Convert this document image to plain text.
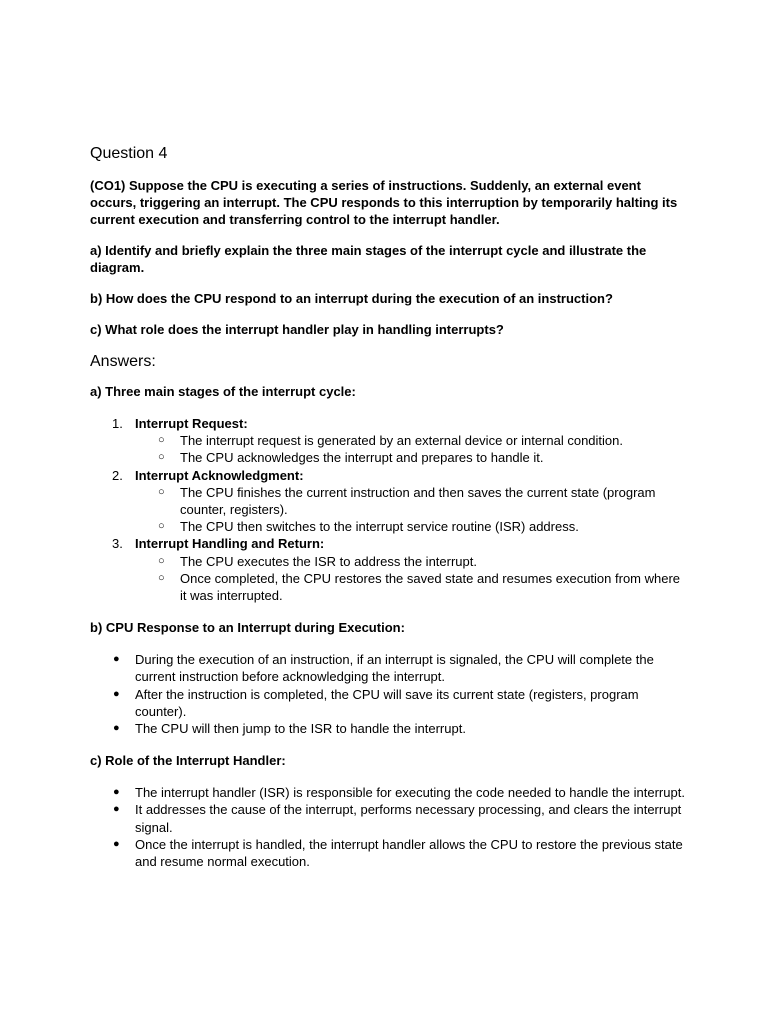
Question 4

(CO1) Suppose the CPU is executing a series of instructions. Suddenly, an external event occurs, triggering an interrupt. The CPU responds to this interruption by temporarily halting its current execution and transferring control to the interrupt handler.

a) Identify and briefly explain the three main stages of the interrupt cycle and illustrate the diagram.

b) How does the CPU respond to an interrupt during the execution of an instruction?

c) What role does the interrupt handler play in handling interrupts?

Answers:

a) Three main stages of the interrupt cycle:

1. Interrupt Request:
○ The interrupt request is generated by an external device or internal condition.
○ The CPU acknowledges the interrupt and prepares to handle it.
2. Interrupt Acknowledgment:
○ The CPU finishes the current instruction and then saves the current state (program counter, registers).
○ The CPU then switches to the interrupt service routine (ISR) address.
3. Interrupt Handling and Return:
○ The CPU executes the ISR to address the interrupt.
○ Once completed, the CPU restores the saved state and resumes execution from where it was interrupted.

b) CPU Response to an Interrupt during Execution:

● During the execution of an instruction, if an interrupt is signaled, the CPU will complete the current instruction before acknowledging the interrupt.
● After the instruction is completed, the CPU will save its current state (registers, program counter).
● The CPU will then jump to the ISR to handle the interrupt.

c) Role of the Interrupt Handler:

● The interrupt handler (ISR) is responsible for executing the code needed to handle the interrupt.
● It addresses the cause of the interrupt, performs necessary processing, and clears the interrupt signal.
● Once the interrupt is handled, the interrupt handler allows the CPU to restore the previous state and resume normal execution.
